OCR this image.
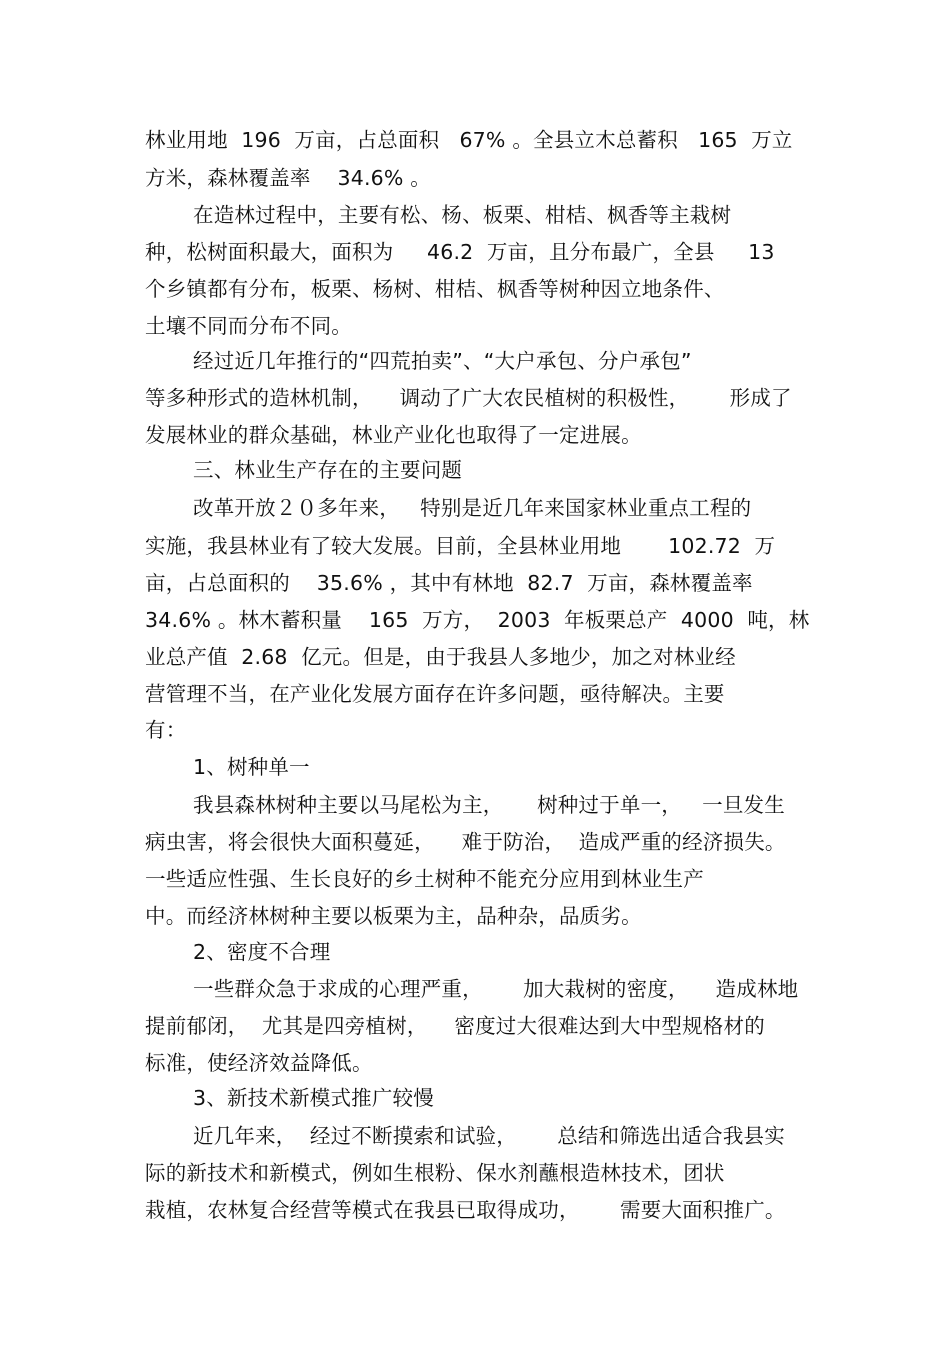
林业用地  196  万亩，占总面积   67% 。全县立木总蓄积   165  万立
方米，森林覆盖率    34.6% 。
在造林过程中，主要有松、杨、板栗、柑桔、枫香等主栽树
种，松树面积最大，面积为     46.2  万亩，且分布最广，全县     13
个乡镇都有分布，板栗、杨树、柑桔、枫香等树种因立地条件、
土壤不同而分布不同。
经过近几年推行的“四荒拍卖”、“大户承包、分户承包”
等多种形式的造林机制，    调动了广大农民植树的积极性，      形成了
发展林业的群众基础，林业产业化也取得了一定进展。
三、林业生产存在的主要问题
改革开放２０多年来，   特别是近几年来国家林业重点工程的
实施，我县林业有了较大发展。目前，全县林业用地       102.72  万
亩，占总面积的    35.6% ，其中有林地  82.7  万亩，森林覆盖率
34.6% 。林木蓄积量    165  万方，  2003  年板栗总产  4000  吨，林
业总产值  2.68  亿元。但是，由于我县人多地少，加之对林业经
营管理不当，在产业化发展方面存在许多问题，亟待解决。主要
有：
1、树种单一
我县森林树种主要以马尾松为主，     树种过于单一，   一旦发生
病虫害，将会很快大面积蔓延，    难于防治，  造成严重的经济损失。
一些适应性强、生长良好的乡土树种不能充分应用到林业生产
中。而经济林树种主要以板栗为主，品种杂，品质劣。
2、密度不合理
一些群众急于求成的心理严重，      加大栽树的密度，    造成林地
提前郁闭，  尤其是四旁植树，    密度过大很难达到大中型规格材的
标准，使经济效益降低。
3、新技术新模式推广较慢
近几年来，  经过不断摸索和试验，      总结和筛选出适合我县实
际的新技术和新模式，例如生根粉、保水剂蘸根造林技术，团状
栽植，农林复合经营等模式在我县已取得成功，      需要大面积推广。
